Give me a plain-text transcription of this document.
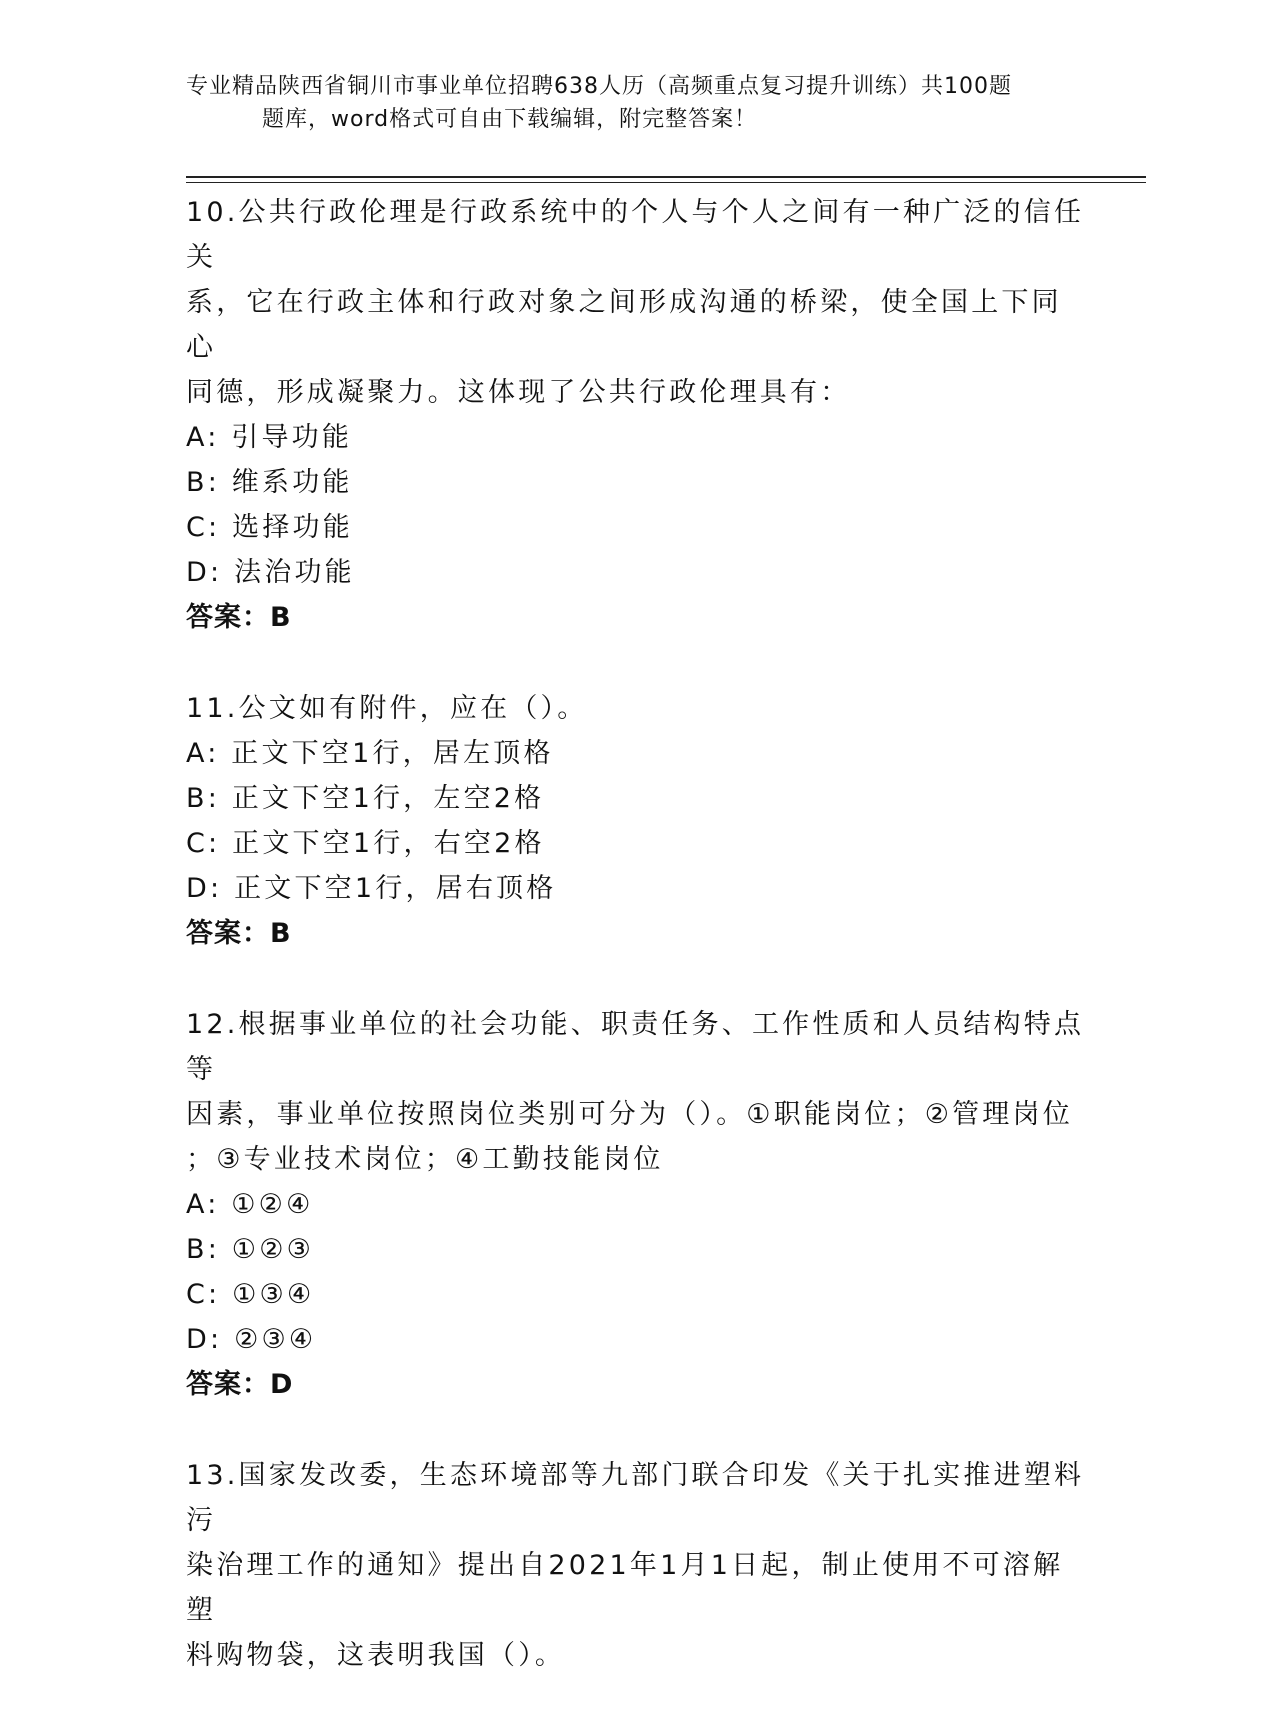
专业精品陕西省铜川市事业单位招聘638人历（高频重点复习提升训练）共100题
题库，word格式可自由下载编辑，附完整答案！

10.公共行政伦理是行政系统中的个人与个人之间有一种广泛的信任关

系，它在行政主体和行政对象之间形成沟通的桥梁，使全国上下同心

同德，形成凝聚力。这体现了公共行政伦理具有：

A: 引导功能

B: 维系功能

C: 选择功能

D: 法治功能

答案：B

11.公文如有附件，应在（）。

A: 正文下空1行，居左顶格

B: 正文下空1行，左空2格

C: 正文下空1行，右空2格

D: 正文下空1行，居右顶格

答案：B

12.根据事业单位的社会功能、职责任务、工作性质和人员结构特点等

因素，事业单位按照岗位类别可分为（）。①职能岗位；②管理岗位

；③专业技术岗位；④工勤技能岗位

A: ①②④

B: ①②③

C: ①③④

D: ②③④

答案：D

13.国家发改委，生态环境部等九部门联合印发《关于扎实推进塑料污

染治理工作的通知》提出自2021年1月1日起，制止使用不可溶解塑

料购物袋，这表明我国（）。
